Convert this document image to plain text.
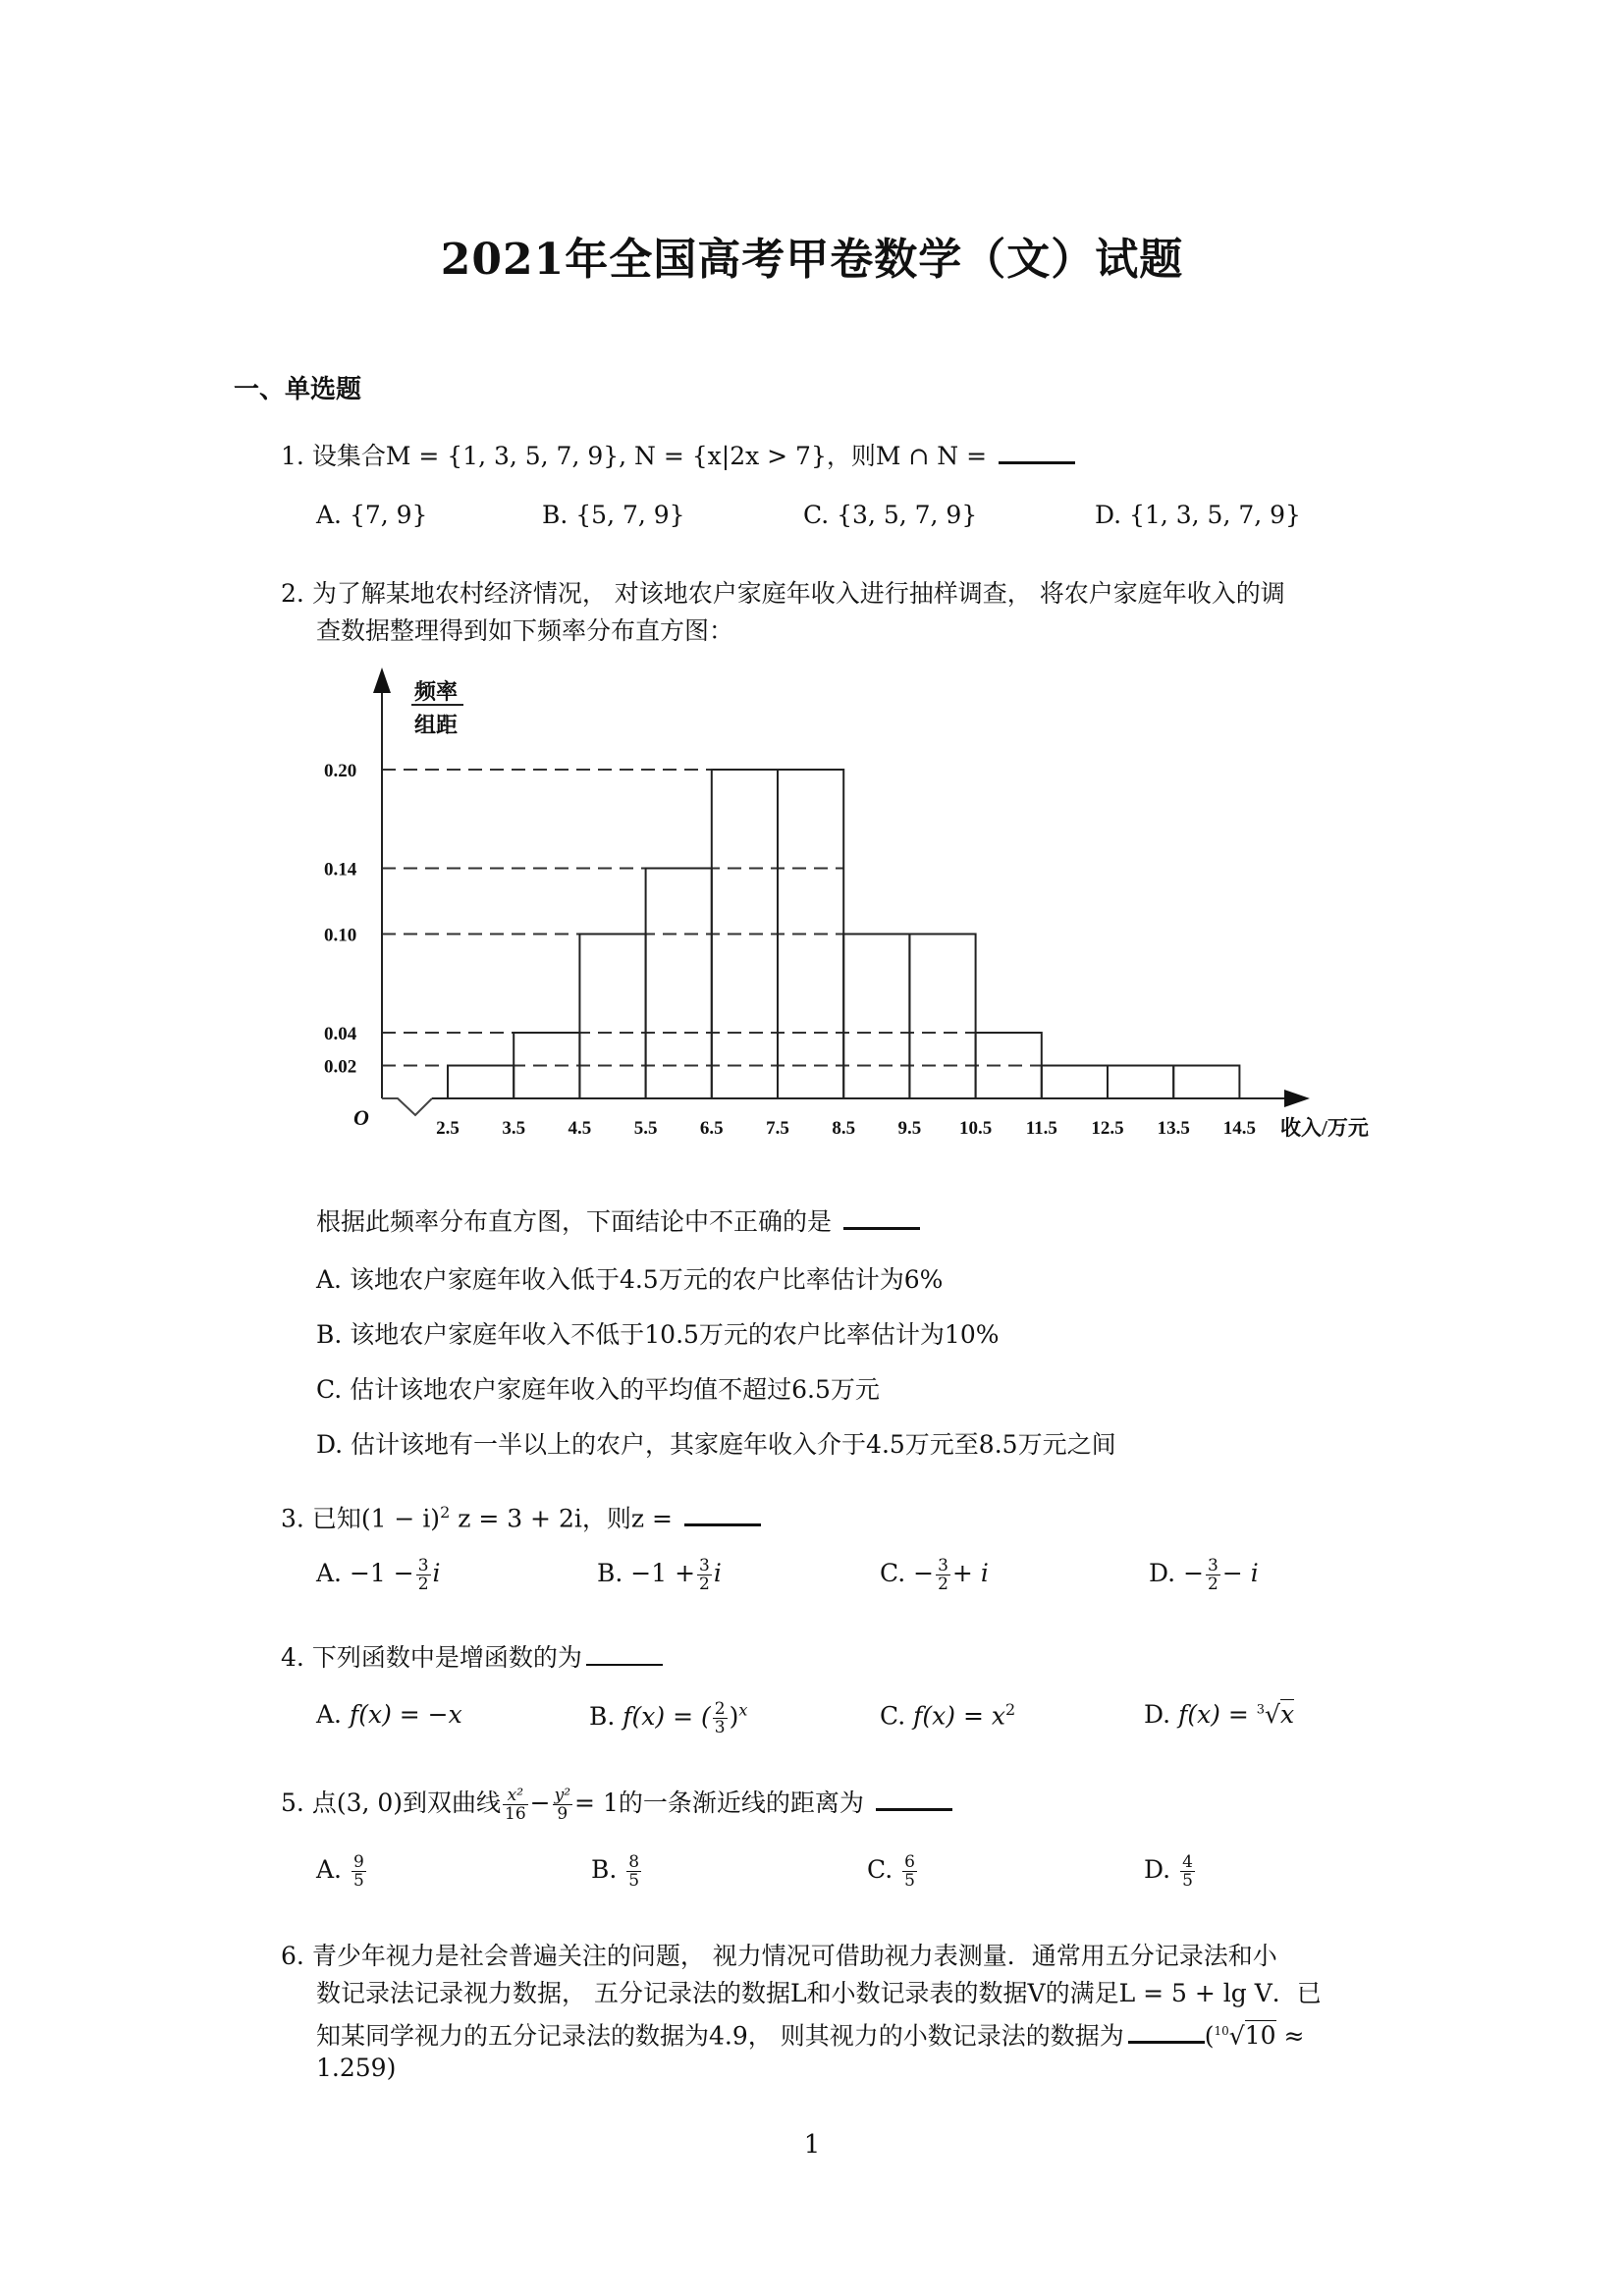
2021年全国高考甲卷数学（文）试题
一、单选题
1. 设集合M = {1, 3, 5, 7, 9}, N = {x|2x > 7}，则M ∩ N =
A. {7, 9}	B. {5, 7, 9}	C. {3, 5, 7, 9}	D. {1, 3, 5, 7, 9}
2. 为了解某地农村经济情况， 对该地农户家庭年收入进行抽样调查， 将农户家庭年收入的调
查数据整理得到如下频率分布直方图：
0.02
0.04
0.10
0.14
0.20
2.5 3.5 4.5 5.5 6.5 7.5 8.5 9.5 10.5 11.5 12.5 13.5 14.5 收入/万元
O
频率
组距
根据此频率分布直方图，下面结论中不正确的是
A. 该地农户家庭年收入低于4.5万元的农户比率估计为6%
B. 该地农户家庭年收入不低于10.5万元的农户比率估计为10%
C. 估计该地农户家庭年收入的平均值不超过6.5万元
D. 估计该地有一半以上的农户，其家庭年收入介于4.5万元至8.5万元之间
3. 已知$(1 - i)^2$ z = 3 + 2i，则z =
A. $-1 - \frac{3}{2}$ i	B. $-1 + \frac{3}{2}$ i	C. − $\frac{3}{2} + i$	D. − $\frac{3}{2} - i$
4. 下列函数中是增函数的为
A. f(x) = −x	B. f(x) = ( $\frac{2}{3} )^x$	C. $f(x) = x^2$	D. f(x) = $^3$√x
5. 点(3, 0)到双曲线 $\frac{\text{x²}}{16} - \frac{\text{y²}}{9} = 1$的一条渐近线的距离为
A. $\frac{9}{5}$	B. $\frac{8}{5}$	C. $\frac{6}{5}$	D. $\frac{4}{5}$
6. 青少年视力是社会普遍关注的问题， 视力情况可借助视力表测量．通常用五分记录法和小
数记录法记录视力数据， 五分记录法的数据L和小数记录表的数据V的满足L = 5 + lg V．已
知某同学视力的五分记录法的数据为4.9， 则其视力的小数记录法的数据为	($^{10}$√10 ≈
1.259)
1
